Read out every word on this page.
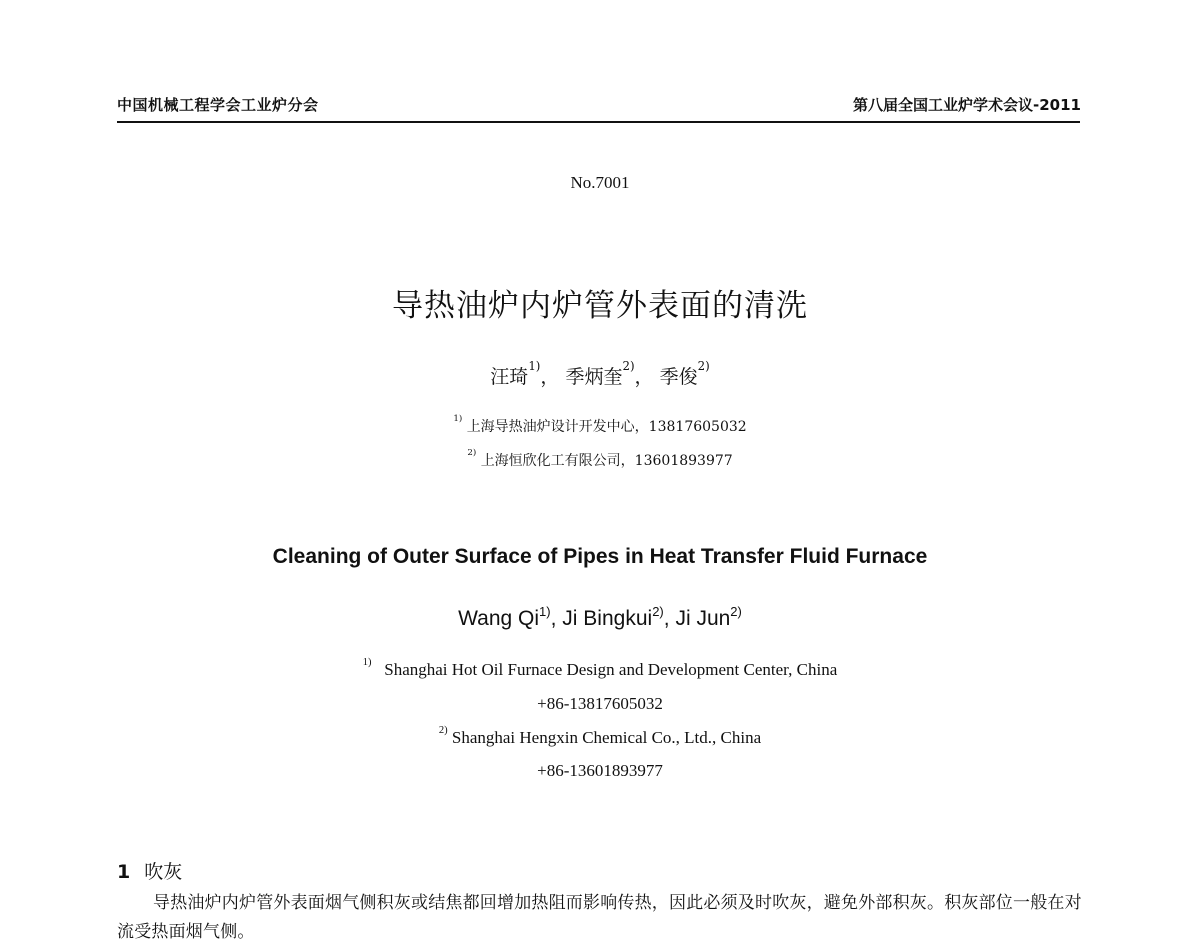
中国机械工程学会工业炉分会	第八届全国工业炉学术会议-2011
No.7001
导热油炉内炉管外表面的清洗
汪琦$^{1)}$， 季炳奎$^{2)}$， 季俊$^{2)}$
$^{1)}$ 上海导热油炉设计开发中心，13817605032
$^{2)}$ 上海恒欣化工有限公司，13601893977
Cleaning of Outer Surface of Pipes in Heat Transfer Fluid Furnace
Wang Qi$^{1)}$, Ji Bingkui$^{2)}$, Ji Jun$^{2)}$
$^{1)}$ Shanghai Hot Oil Furnace Design and Development Center, China
+86-13817605032
$^{2)}$ Shanghai Hengxin Chemical Co., Ltd., China
+86-13601893977
1 吹灰
导热油炉内炉管外表面烟气侧积灰或结焦都回增加热阻而影响传热，因此必须及时吹灰，避免外部积灰。积灰部位一般在对流受热面烟气侧。
